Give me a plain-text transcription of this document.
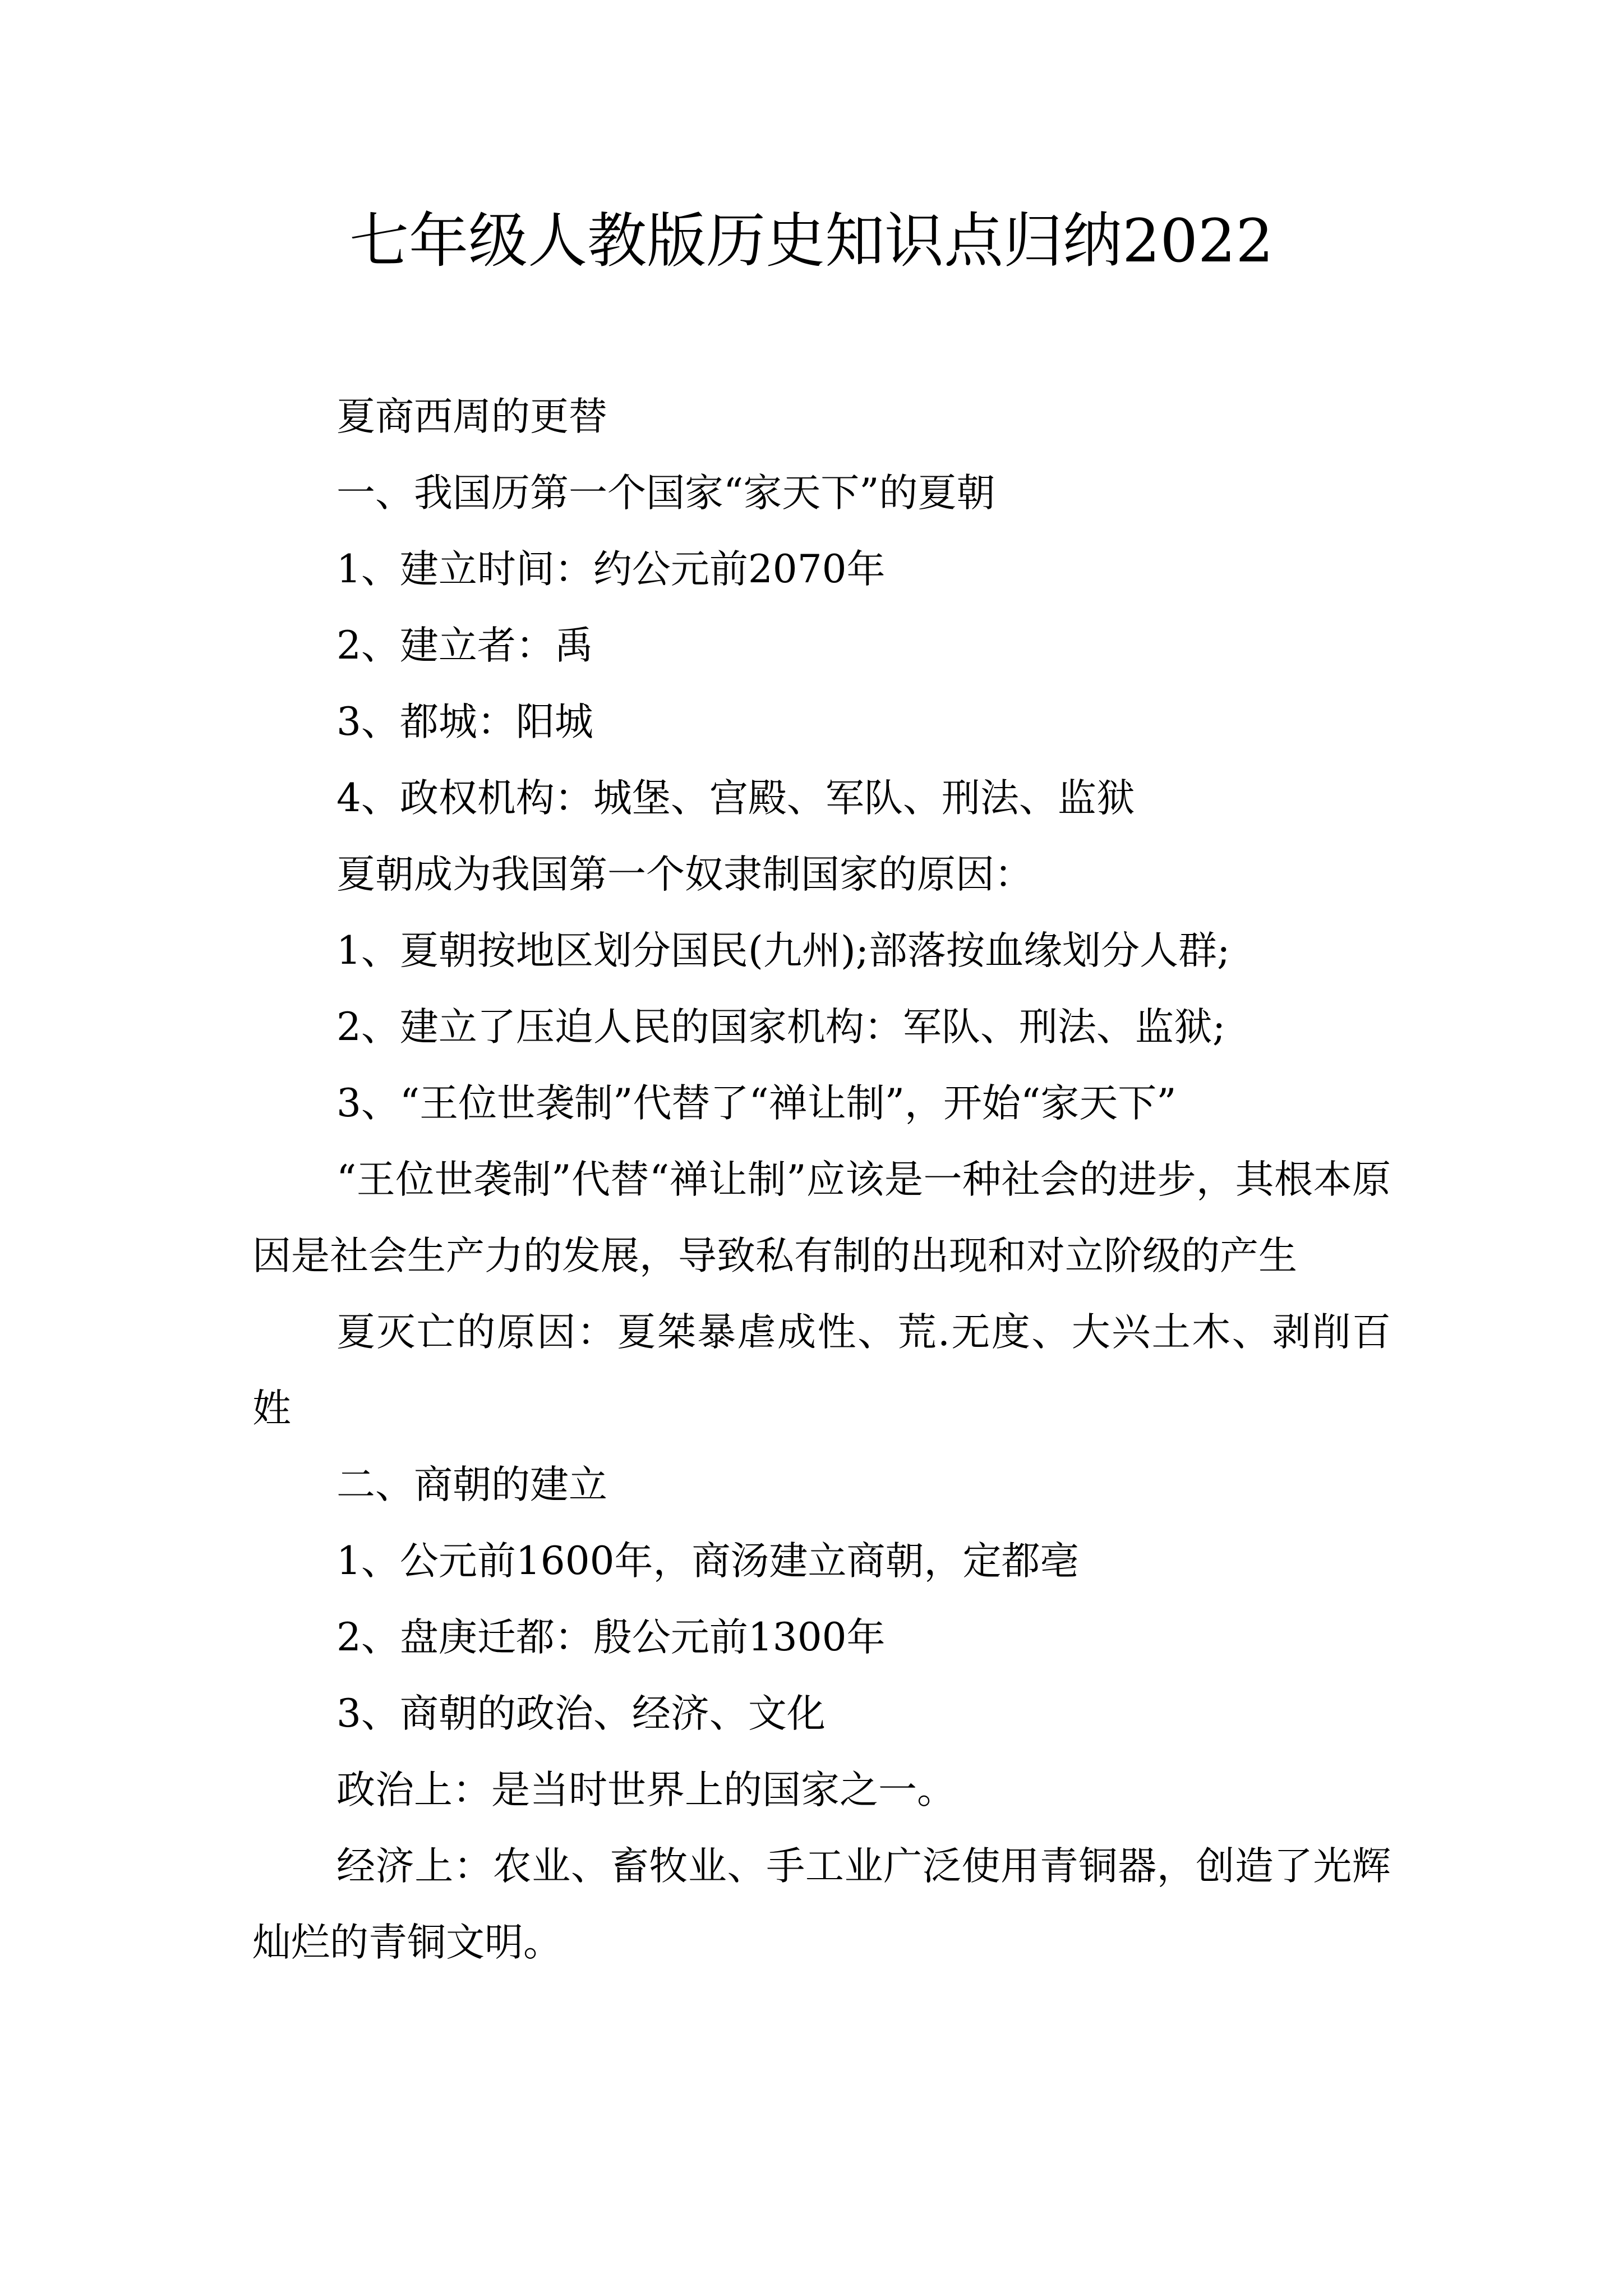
七年级人教版历史知识点归纳2022

夏商西周的更替

一、我国历第一个国家“家天下”的夏朝

1、建立时间：约公元前2070年

2、建立者：禹

3、都城：阳城

4、政权机构：城堡、宫殿、军队、刑法、监狱

夏朝成为我国第一个奴隶制国家的原因：

1、夏朝按地区划分国民(九州);部落按血缘划分人群;

2、建立了压迫人民的国家机构：军队、刑法、监狱;

3、“王位世袭制”代替了“禅让制”，开始“家天下”

“王位世袭制”代替“禅让制”应该是一种社会的进步，其根本原因是社会生产力的发展，导致私有制的出现和对立阶级的产生

夏灭亡的原因：夏桀暴虐成性、荒.无度、大兴土木、剥削百姓

二、商朝的建立

1、公元前1600年，商汤建立商朝，定都亳

2、盘庚迁都：殷公元前1300年

3、商朝的政治、经济、文化

政治上：是当时世界上的国家之一。

经济上：农业、畜牧业、手工业广泛使用青铜器，创造了光辉灿烂的青铜文明。
